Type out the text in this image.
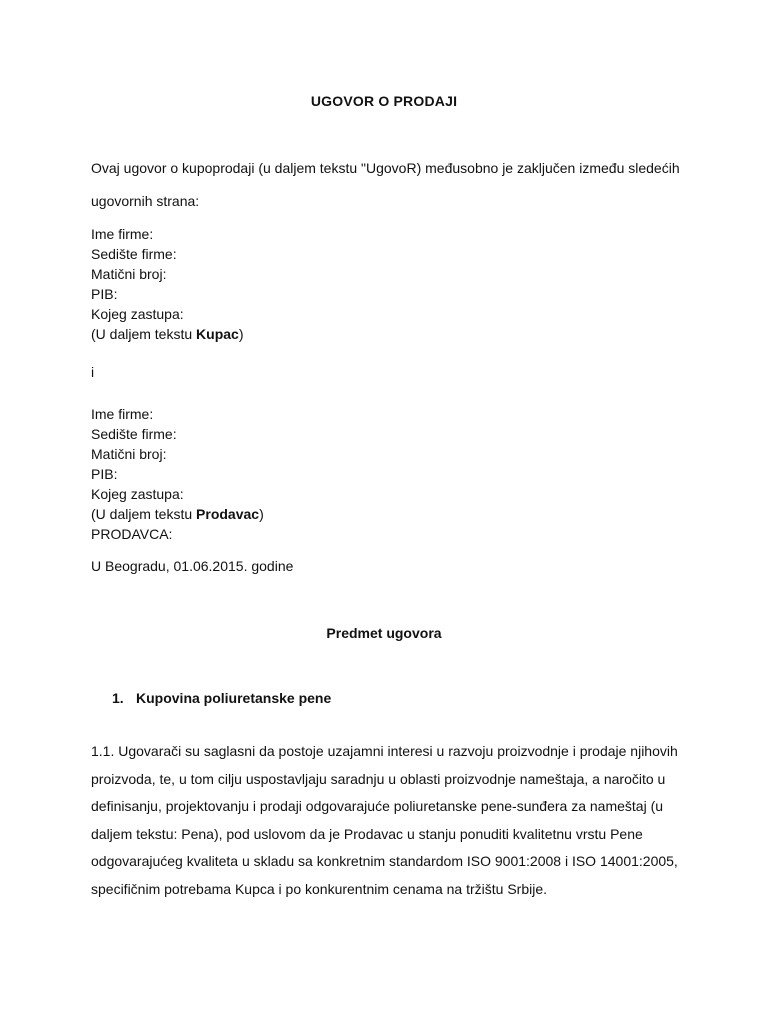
UGOVOR O PRODAJI
Ovaj ugovor o kupoprodaji (u daljem tekstu "UgovoR) međusobno je zaključen između sledećih
ugovornih strana:
Ime firme:
Sedište firme:
Matični broj:
PIB:
Kojeg zastupa:
(U daljem tekstu Kupac)
i
Ime firme:
Sedište firme:
Matični broj:
PIB:
Kojeg zastupa:
(U daljem tekstu Prodavac)
PRODAVCA:
U Beogradu, 01.06.2015. godine
Predmet ugovora
1. Kupovina poliuretanske pene
1.1. Ugovarači su saglasni da postoje uzajamni interesi u razvoju proizvodnje i prodaje njihovih
proizvoda, te, u tom cilju uspostavljaju saradnju u oblasti proizvodnje nameštaja, a naročito u
definisanju, projektovanju i prodaji odgovarajuće poliuretanske pene-sunđera za nameštaj (u
daljem tekstu: Pena), pod uslovom da je Prodavac u stanju ponuditi kvalitetnu vrstu Pene
odgovarajućeg kvaliteta u skladu sa konkretnim standardom ISO 9001:2008 i ISO 14001:2005,
specifičnim potrebama Kupca i po konkurentnim cenama na tržištu Srbije.
